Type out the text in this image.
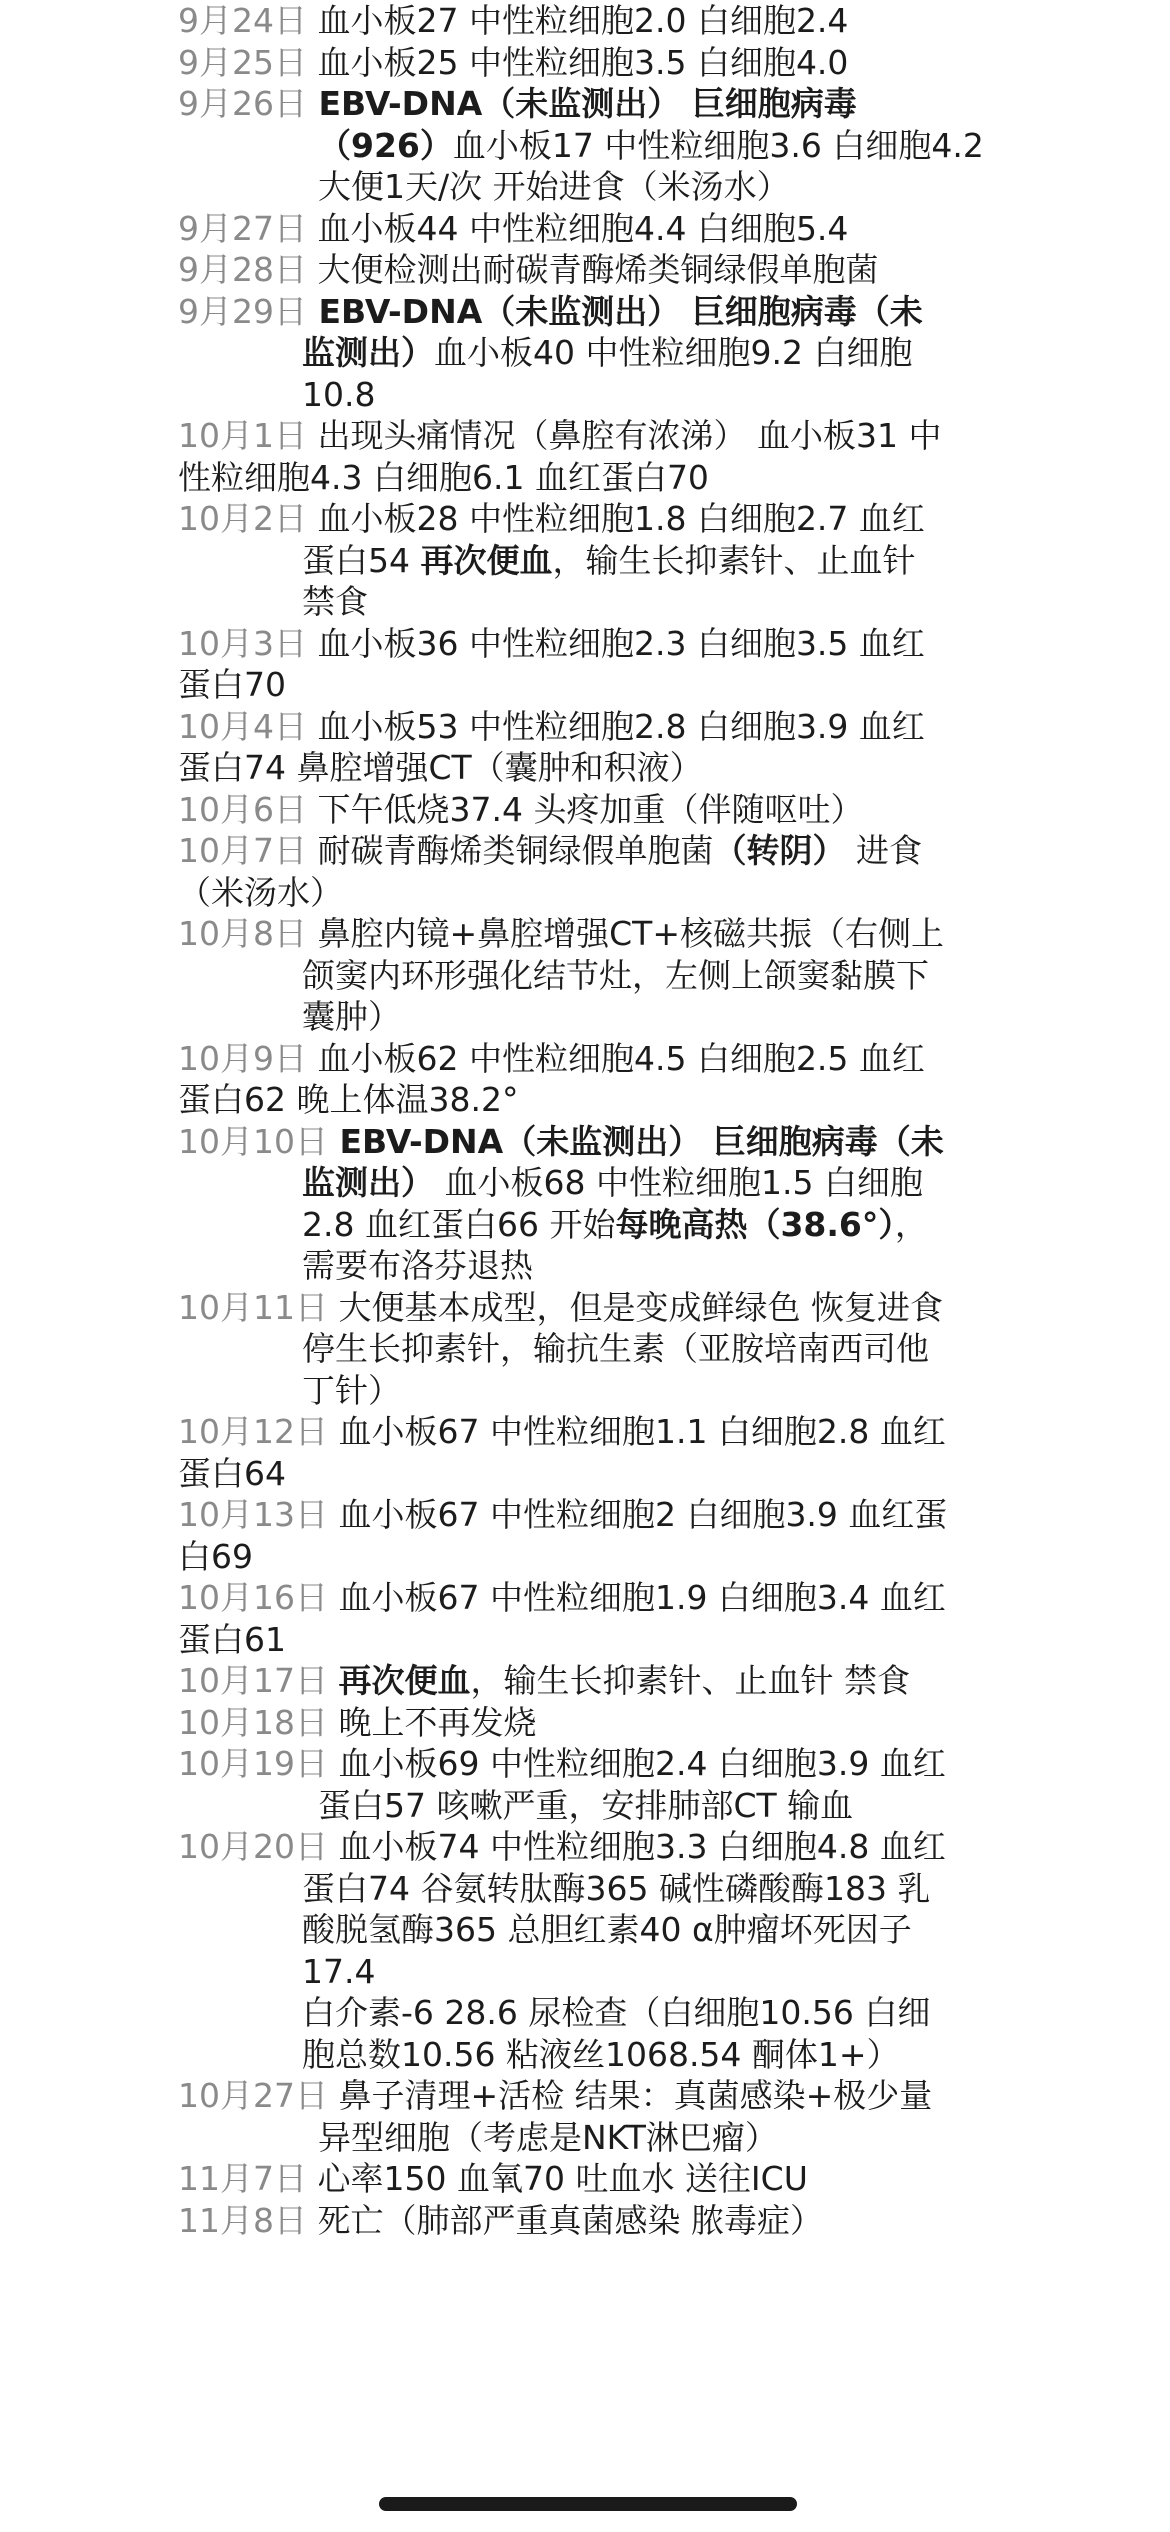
9月24日 血小板27 中性粒细胞2.0 白细胞2.4
9月25日 血小板25 中性粒细胞3.5 白细胞4.0
9月26日 EBV-DNA（未监测出） 巨细胞病毒
（926）血小板17 中性粒细胞3.6 白细胞4.2
大便1天/次 开始进食（米汤水）
9月27日 血小板44 中性粒细胞4.4 白细胞5.4
9月28日 大便检测出耐碳青酶烯类铜绿假单胞菌
9月29日 EBV-DNA（未监测出） 巨细胞病毒（未
监测出）血小板40 中性粒细胞9.2 白细胞
10.8
10月1日 出现头痛情况（鼻腔有浓涕） 血小板31 中
性粒细胞4.3 白细胞6.1 血红蛋白70
10月2日 血小板28 中性粒细胞1.8 白细胞2.7 血红
蛋白54 再次便血，输生长抑素针、止血针
禁食
10月3日 血小板36 中性粒细胞2.3 白细胞3.5 血红
蛋白70
10月4日 血小板53 中性粒细胞2.8 白细胞3.9 血红
蛋白74 鼻腔增强CT（囊肿和积液）
10月6日 下午低烧37.4 头疼加重（伴随呕吐）
10月7日 耐碳青酶烯类铜绿假单胞菌（转阴） 进食
（米汤水）
10月8日 鼻腔内镜+鼻腔增强CT+核磁共振（右侧上
颌窦内环形强化结节灶，左侧上颌窦黏膜下
囊肿）
10月9日 血小板62 中性粒细胞4.5 白细胞2.5 血红
蛋白62 晚上体温38.2°
10月10日 EBV-DNA（未监测出） 巨细胞病毒（未
监测出） 血小板68 中性粒细胞1.5 白细胞
2.8 血红蛋白66 开始每晚高热（38.6°），
需要布洛芬退热
10月11日 大便基本成型，但是变成鲜绿色 恢复进食
停生长抑素针，输抗生素（亚胺培南西司他
丁针）
10月12日 血小板67 中性粒细胞1.1 白细胞2.8 血红
蛋白64
10月13日 血小板67 中性粒细胞2 白细胞3.9 血红蛋
白69
10月16日 血小板67 中性粒细胞1.9 白细胞3.4 血红
蛋白61
10月17日 再次便血，输生长抑素针、止血针 禁食
10月18日 晚上不再发烧
10月19日 血小板69 中性粒细胞2.4 白细胞3.9 血红
蛋白57 咳嗽严重，安排肺部CT 输血
10月20日 血小板74 中性粒细胞3.3 白细胞4.8 血红
蛋白74 谷氨转肽酶365 碱性磷酸酶183 乳
酸脱氢酶365 总胆红素40 α肿瘤坏死因子
17.4
白介素-6 28.6 尿检查（白细胞10.56 白细
胞总数10.56 粘液丝1068.54 酮体1+）
10月27日 鼻子清理+活检 结果：真菌感染+极少量
异型细胞（考虑是NKT淋巴瘤）
11月7日 心率150 血氧70 吐血水 送往ICU
11月8日 死亡（肺部严重真菌感染 脓毒症）
